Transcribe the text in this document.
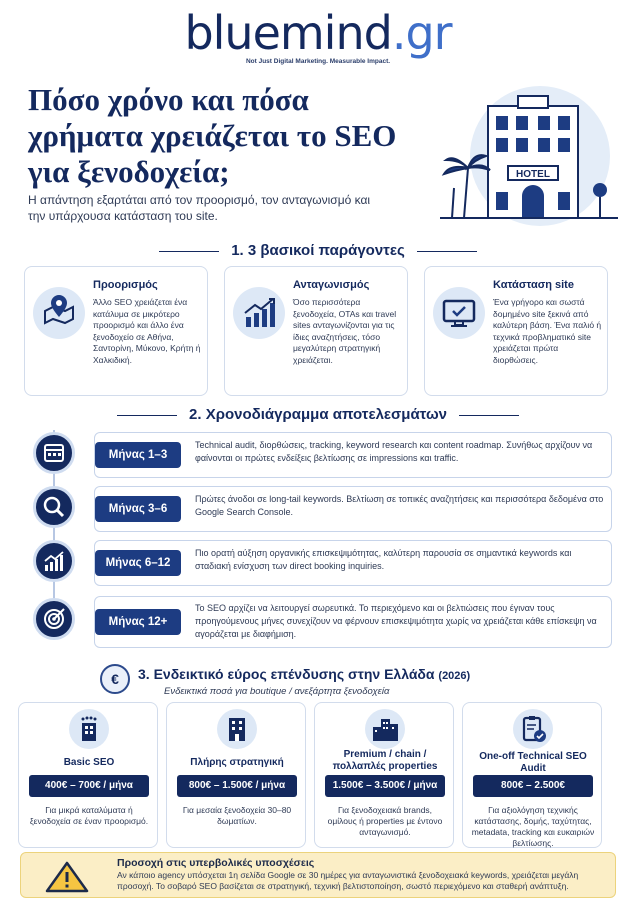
bluemind.gr
Not Just Digital Marketing. Measurable Impact.
Πόσο χρόνο και πόσα χρήματα χρειάζεται το SEO για ξενοδοχεία;

Η απάντηση εξαρτάται από τον προορισμό, τον ανταγωνισμό και την υπάρχουσα κατάσταση του site.

HOTEL
1. 3 βασικοί παράγοντες
Προορισμός
Άλλο SEO χρειάζεται ένα κατάλυμα σε μικρότερο προορισμό και άλλο ένα ξενοδοχείο σε Αθήνα, Σαντορίνη, Μύκονο, Κρήτη ή Χαλκιδική.
Ανταγωνισμός
Όσο περισσότερα ξενοδοχεία, OTAs και travel sites ανταγωνίζονται για τις ίδιες αναζητήσεις, τόσο μεγαλύτερη στρατηγική χρειάζεται.
Κατάσταση site
Ένα γρήγορο και σωστά δομημένο site ξεκινά από καλύτερη βάση. Ένα παλιό ή τεχνικά προβληματικό site χρειάζεται πρώτα διορθώσεις.
2. Χρονοδιάγραμμα αποτελεσμάτων
Μήνας 1–3
Technical audit, διορθώσεις, tracking, keyword research και content roadmap. Συνήθως αρχίζουν να φαίνονται οι πρώτες ενδείξεις βελτίωσης σε impressions και traffic.
Μήνας 3–6
Πρώτες άνοδοι σε long-tail keywords. Βελτίωση σε τοπικές αναζητήσεις και περισσότερα δεδομένα στο Google Search Console.
Μήνας 6–12
Πιο ορατή αύξηση οργανικής επισκεψιμότητας, καλύτερη παρουσία σε σημαντικά keywords και σταδιακή ενίσχυση των direct booking inquiries.
Μήνας 12+
Το SEO αρχίζει να λειτουργεί σωρευτικά. Το περιεχόμενο και οι βελτιώσεις που έγιναν τους προηγούμενους μήνες συνεχίζουν να φέρνουν επισκεψιμότητα χωρίς να χρειάζεται κάθε επίσκεψη να αγοράζεται με διαφήμιση.
€	3. Ενδεικτικό εύρος επένδυσης στην Ελλάδα (2026)
Ενδεικτικά ποσά για boutique / ανεξάρτητα ξενοδοχεία
Basic SEO
400€ – 700€ / μήνα
Για μικρά καταλύματα ή ξενοδοχεία σε έναν προορισμό.
Πλήρης στρατηγική
800€ – 1.500€ / μήνα
Για μεσαία ξενοδοχεία 30–80 δωματίων.
Premium / chain / πολλαπλές properties
1.500€ – 3.500€ / μήνα
Για ξενοδοχειακά brands, ομίλους ή properties με έντονο ανταγωνισμό.
One-off Technical SEO Audit
800€ – 2.500€
Για αξιολόγηση τεχνικής κατάστασης, δομής, ταχύτητας, metadata, tracking και ευκαιριών βελτίωσης.
Προσοχή στις υπερβολικές υποσχέσεις
Αν κάποιο agency υπόσχεται 1η σελίδα Google σε 30 ημέρες για ανταγωνιστικά ξενοδοχειακά keywords, χρειάζεται μεγάλη προσοχή. Το σοβαρό SEO βασίζεται σε στρατηγική, τεχνική βελτιστοποίηση, σωστό περιεχόμενο και σταθερή ανάπτυξη.
